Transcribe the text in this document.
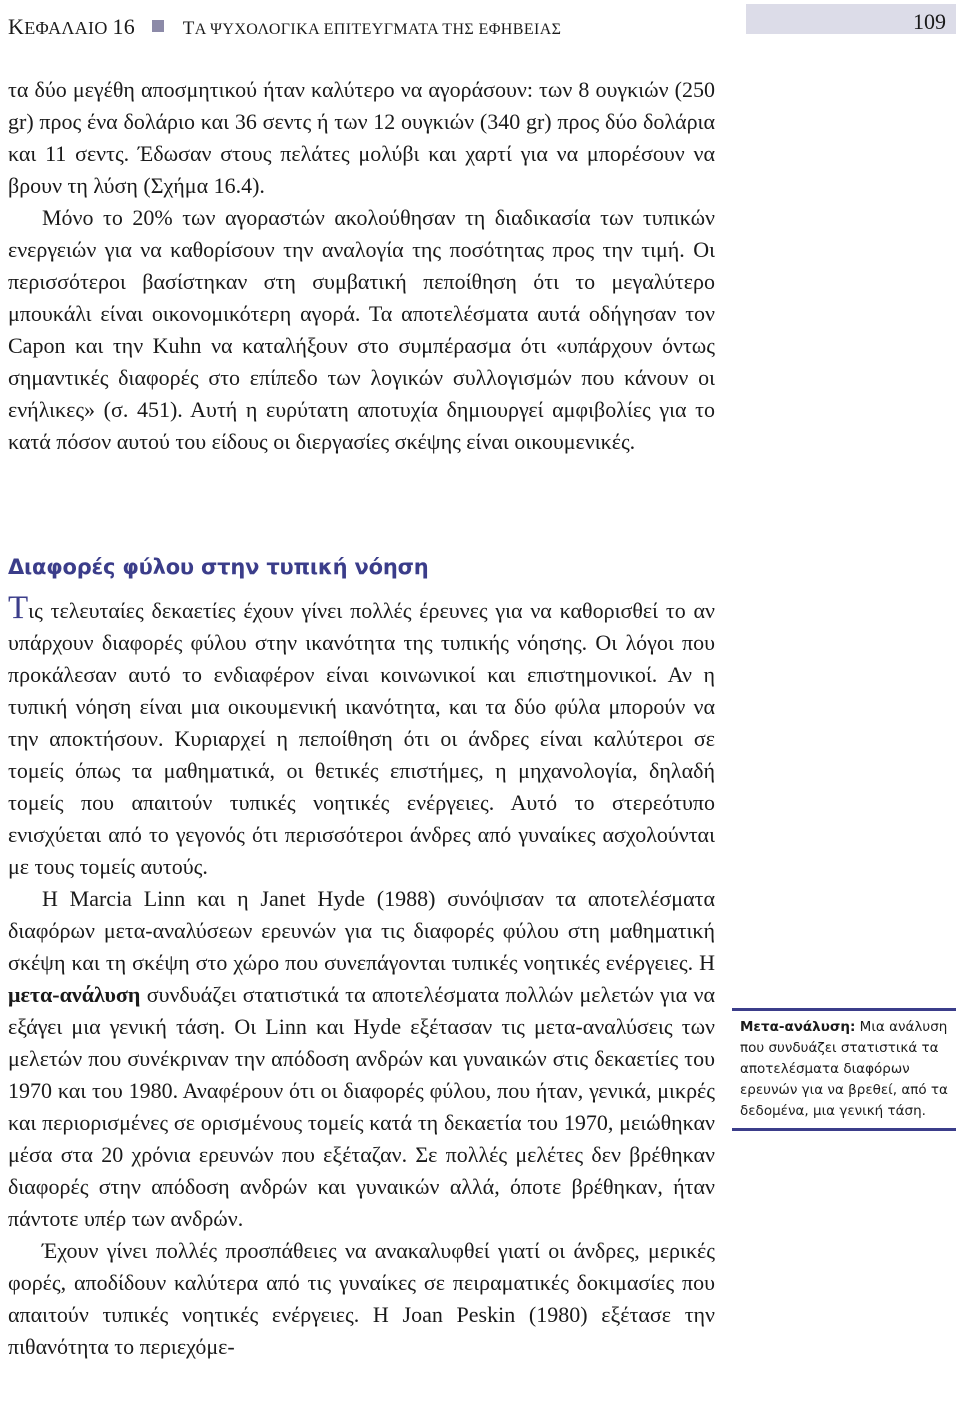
ΚΕΦΑΛΑΙΟ 16	ΤΑ ΨΥΧΟΛΟΓΙΚΑ ΕΠΙΤΕΥΓΜΑΤΑ ΤΗΣ ΕΦΗΒΕΙΑΣ	109

τα δύο μεγέθη αποσμητικού ήταν καλύτερο να αγοράσουν: των 8 ουγκιών (250 gr) προς ένα δολάριο και 36 σεντς ή των 12 ουγκιών (340 gr) προς δύο δολάρια και 11 σεντς. Έδωσαν στους πελάτες μολύβι και χαρτί για να μπορέσουν να βρουν τη λύση (Σχήμα 16.4).

Μόνο το 20% των αγοραστών ακολούθησαν τη διαδικασία των τυπικών ενεργειών για να καθορίσουν την αναλογία της ποσότητας προς την τιμή. Οι περισσότεροι βασίστηκαν στη συμβατική πεποίθηση ότι το μεγαλύτερο μπουκάλι είναι οικονομικότερη αγορά. Τα αποτελέσματα αυτά οδήγησαν τον Capon και την Kuhn να καταλήξουν στο συμπέρασμα ότι «υπάρχουν όντως σημαντικές διαφορές στο επίπεδο των λογικών συλλογισμών που κάνουν οι ενήλικες» (σ. 451). Αυτή η ευρύτατη αποτυχία δημιουργεί αμφιβολίες για το κατά πόσον αυτού του είδους οι διεργασίες σκέψης είναι οικουμενικές.

Διαφορές φύλου στην τυπική νόηση

Τις τελευταίες δεκαετίες έχουν γίνει πολλές έρευνες για να καθορισθεί το αν υπάρχουν διαφορές φύλου στην ικανότητα της τυπικής νόησης. Οι λόγοι που προκάλεσαν αυτό το ενδιαφέρον είναι κοινωνικοί και επιστημονικοί. Αν η τυπική νόηση είναι μια οικουμενική ικανότητα, και τα δύο φύλα μπορούν να την αποκτήσουν. Κυριαρχεί η πεποίθηση ότι οι άνδρες είναι καλύτεροι σε τομείς όπως τα μαθηματικά, οι θετικές επιστήμες, η μηχανολογία, δηλαδή τομείς που απαιτούν τυπικές νοητικές ενέργειες. Αυτό το στερεότυπο ενισχύεται από το γεγονός ότι περισσότεροι άνδρες από γυναίκες ασχολούνται με τους τομείς αυτούς.

Η Marcia Linn και η Janet Hyde (1988) συνόψισαν τα αποτελέσματα διαφόρων μετα-αναλύσεων ερευνών για τις διαφορές φύλου στη μαθηματική σκέψη και τη σκέψη στο χώρο που συνεπάγονται τυπικές νοητικές ενέργειες. Η μετα-ανάλυση συνδυάζει στατιστικά τα αποτελέσματα πολλών μελετών για να εξάγει μια γενική τάση. Οι Linn και Hyde εξέτασαν τις μετα-αναλύσεις των μελετών που συνέκριναν την απόδοση ανδρών και γυναικών στις δεκαετίες του 1970 και του 1980. Αναφέρουν ότι οι διαφορές φύλου, που ήταν, γενικά, μικρές και περιορισμένες σε ορισμένους τομείς κατά τη δεκαετία του 1970, μειώθηκαν μέσα στα 20 χρόνια ερευνών που εξέταζαν. Σε πολλές μελέτες δεν βρέθηκαν διαφορές στην απόδοση ανδρών και γυναικών αλλά, όποτε βρέθηκαν, ήταν πάντοτε υπέρ των ανδρών.

Έχουν γίνει πολλές προσπάθειες να ανακαλυφθεί γιατί οι άνδρες, μερικές φορές, αποδίδουν καλύτερα από τις γυναίκες σε πειραματικές δοκιμασίες που απαιτούν τυπικές νοητικές ενέργειες. Η Joan Peskin (1980) εξέτασε την πιθανότητα το περιεχόμε-

Μετα-ανάλυση: Μια ανάλυση που συνδυάζει στατιστικά τα αποτελέσματα διαφόρων ερευνών για να βρεθεί, από τα δεδομένα, μια γενική τάση.
